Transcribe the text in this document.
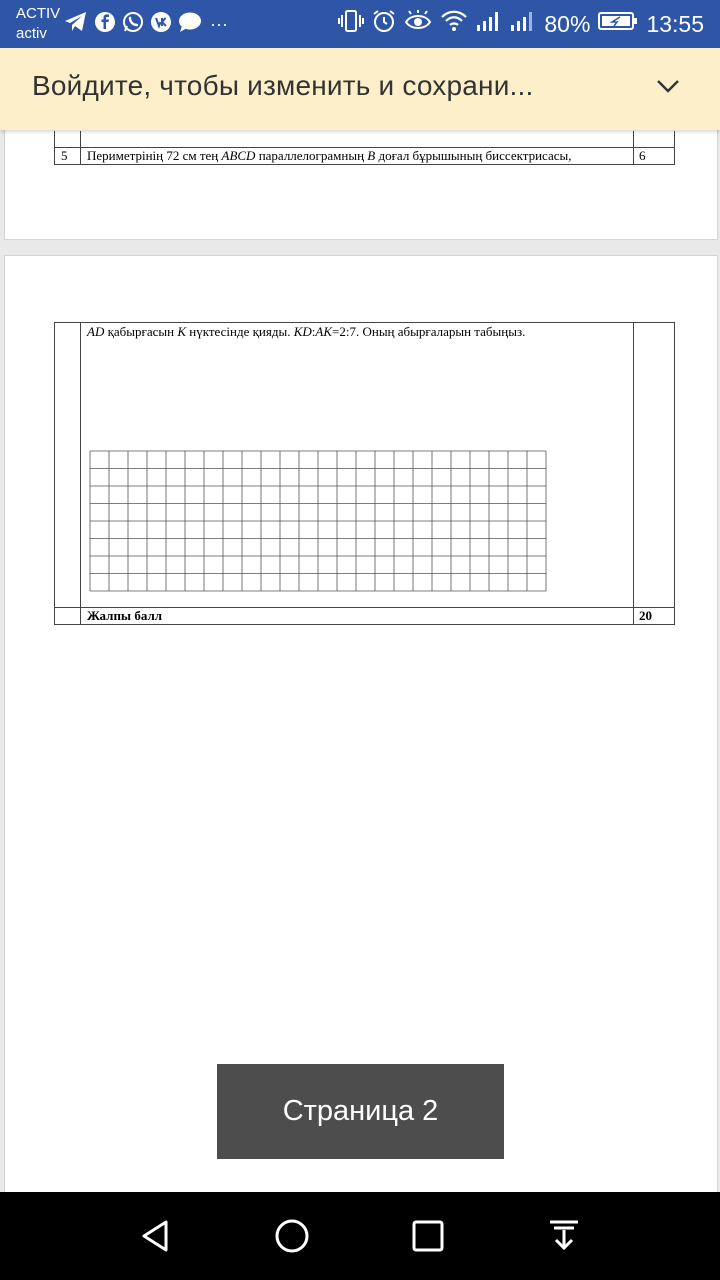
ACTIV
activ	···	80% 13:55
Войдите, чтобы изменить и сохрани...
5 Периметрінің 72 см тең ABCD параллелограмның B доғал бұрышының биссектрисасы,	6
AD қабырғасын K нүктесінде қияды. KD:AK=2:7. Оның абырғаларын табыңыз.
Жалпы балл	20
Страница 2
